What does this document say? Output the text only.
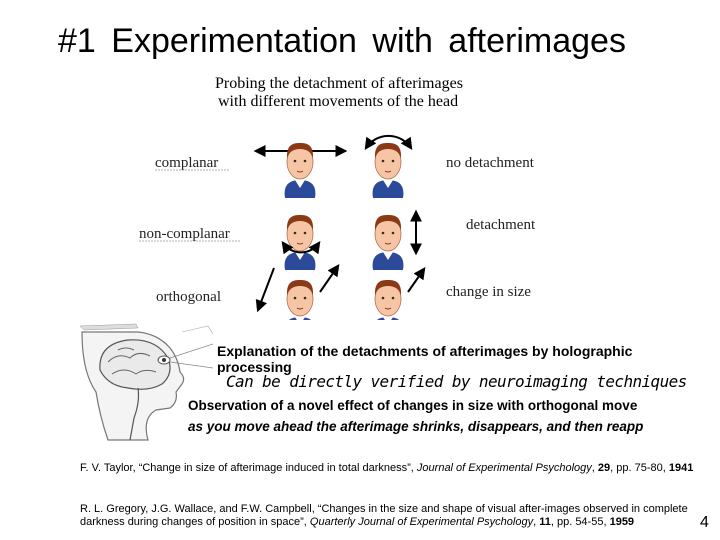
#1 Experimentation with afterimages
Probing the detachment of afterimages
with different movements of the head
complanar	no detachment
non-complanar
detachment
orthogonal	change in size
Explanation of the detachments of afterimages by holographic
processing
Can be directly verified by neuroimaging techniques
Observation of a novel effect of changes in size with orthogonal move
as you move ahead the afterimage shrinks, disappears, and then reapp
F. V. Taylor, “Change in size of afterimage induced in total darkness”, Journal of Experimental Psychology, 29, pp. 75-80, 1941
R. L. Gregory, J.G. Wallace, and F.W. Campbell, “Changes in the size and shape of visual after-images observed in complete darkness during changes of position in space”, Quarterly Journal of Experimental Psychology, 11, pp. 54-55, 1959	4
